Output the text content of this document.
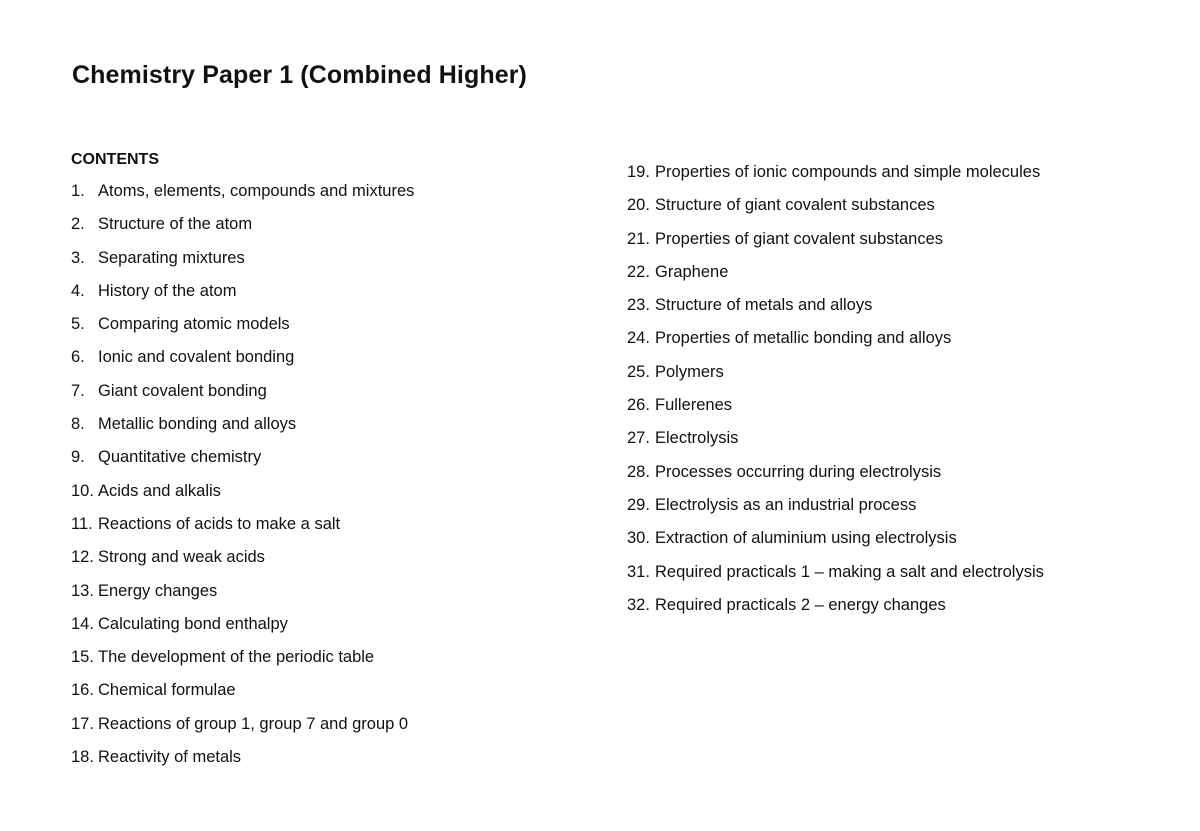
Chemistry Paper 1 (Combined Higher)
CONTENTS
1. Atoms, elements, compounds and mixtures
2. Structure of the atom
3. Separating mixtures
4. History of the atom
5. Comparing atomic models
6. Ionic and covalent bonding
7. Giant covalent bonding
8. Metallic bonding and alloys
9. Quantitative chemistry
10. Acids and alkalis
11. Reactions of acids to make a salt
12. Strong and weak acids
13. Energy changes
14. Calculating bond enthalpy
15. The development of the periodic table
16. Chemical formulae
17. Reactions of group 1, group 7 and group 0
18. Reactivity of metals
19. Properties of ionic compounds and simple molecules
20. Structure of giant covalent substances
21. Properties of giant covalent substances
22. Graphene
23. Structure of metals and alloys
24. Properties of metallic bonding and alloys
25. Polymers
26. Fullerenes
27. Electrolysis
28. Processes occurring during electrolysis
29. Electrolysis as an industrial process
30. Extraction of aluminium using electrolysis
31. Required practicals 1 – making a salt and electrolysis
32. Required practicals 2 – energy changes
